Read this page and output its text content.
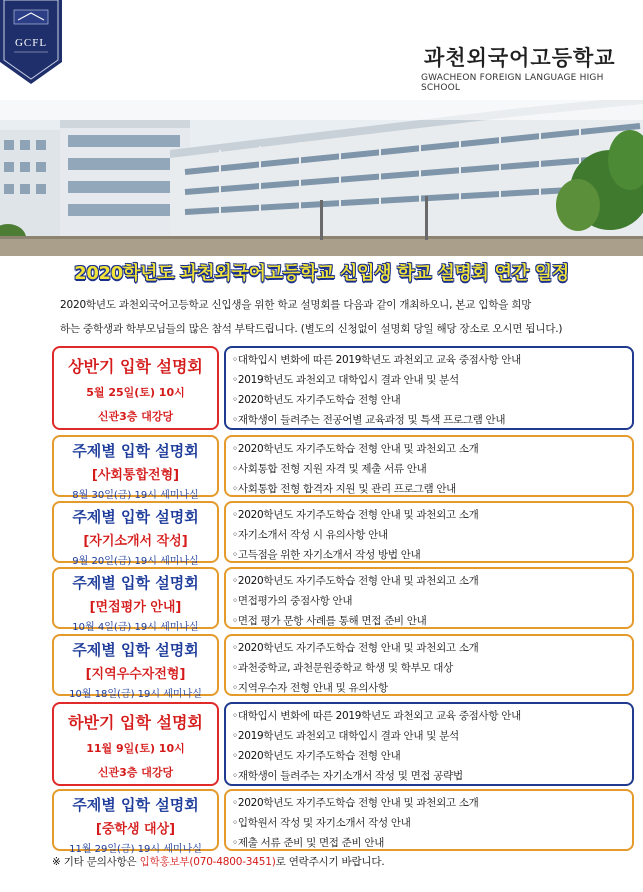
GCFL
과천외국어고등학교
GWACHEON FOREIGN LANGUAGE HIGH SCHOOL
2020학년도 과천외국어고등학교 신입생 학교 설명회 연간 일정
2020학년도 과천외국어고등학교 신입생을 위한 학교 설명회를 다음과 같이 개최하오니, 본교 입학을 희망
하는 중학생과 학부모님들의 많은 참석 부탁드립니다. (별도의 신청없이 설명회 당일 해당 장소로 오시면 됩니다.)
상반기 입학 설명회
5월 25일(토) 10시
신관3층 대강당
◦대학입시 변화에 따른 2019학년도 과천외고 교육 중점사항 안내
◦2019학년도 과천외고 대학입시 결과 안내 및 분석
◦2020학년도 자기주도학습 전형 안내
◦재학생이 들려주는 전공어별 교육과정 및 특색 프로그램 안내
주제별 입학 설명회
[사회통합전형]
8월 30일(금) 19시 세미나실
◦2020학년도 자기주도학습 전형 안내 및 과천외고 소개
◦사회통합 전형 지원 자격 및 제출 서류 안내
◦사회통합 전형 합격자 지원 및 관리 프로그램 안내
주제별 입학 설명회
[자기소개서 작성]
9월 20일(금) 19시 세미나실
◦2020학년도 자기주도학습 전형 안내 및 과천외고 소개
◦자기소개서 작성 시 유의사항 안내
◦고득점을 위한 자기소개서 작성 방법 안내
주제별 입학 설명회
[면접평가 안내]
10월 4일(금) 19시 세미나실
◦2020학년도 자기주도학습 전형 안내 및 과천외고 소개
◦면접평가의 중점사항 안내
◦면접 평가 문항 사례를 통해 면접 준비 안내
주제별 입학 설명회
[지역우수자전형]
10월 18일(금) 19시 세미나실
◦2020학년도 자기주도학습 전형 안내 및 과천외고 소개
◦과천중학교, 과천문원중학교 학생 및 학부모 대상
◦지역우수자 전형 안내 및 유의사항
하반기 입학 설명회
11월 9일(토) 10시
신관3층 대강당
◦대학입시 변화에 따른 2019학년도 과천외고 교육 중점사항 안내
◦2019학년도 과천외고 대학입시 결과 안내 및 분석
◦2020학년도 자기주도학습 전형 안내
◦재학생이 들려주는 자기소개서 작성 및 면접 공략법
주제별 입학 설명회
[중학생 대상]
11월 29일(금) 19시 세미나실
◦2020학년도 자기주도학습 전형 안내 및 과천외고 소개
◦입학원서 작성 및 자기소개서 작성 안내
◦제출 서류 준비 및 면접 준비 안내
※ 기타 문의사항은 입학홍보부(070-4800-3451)로 연락주시기 바랍니다.
